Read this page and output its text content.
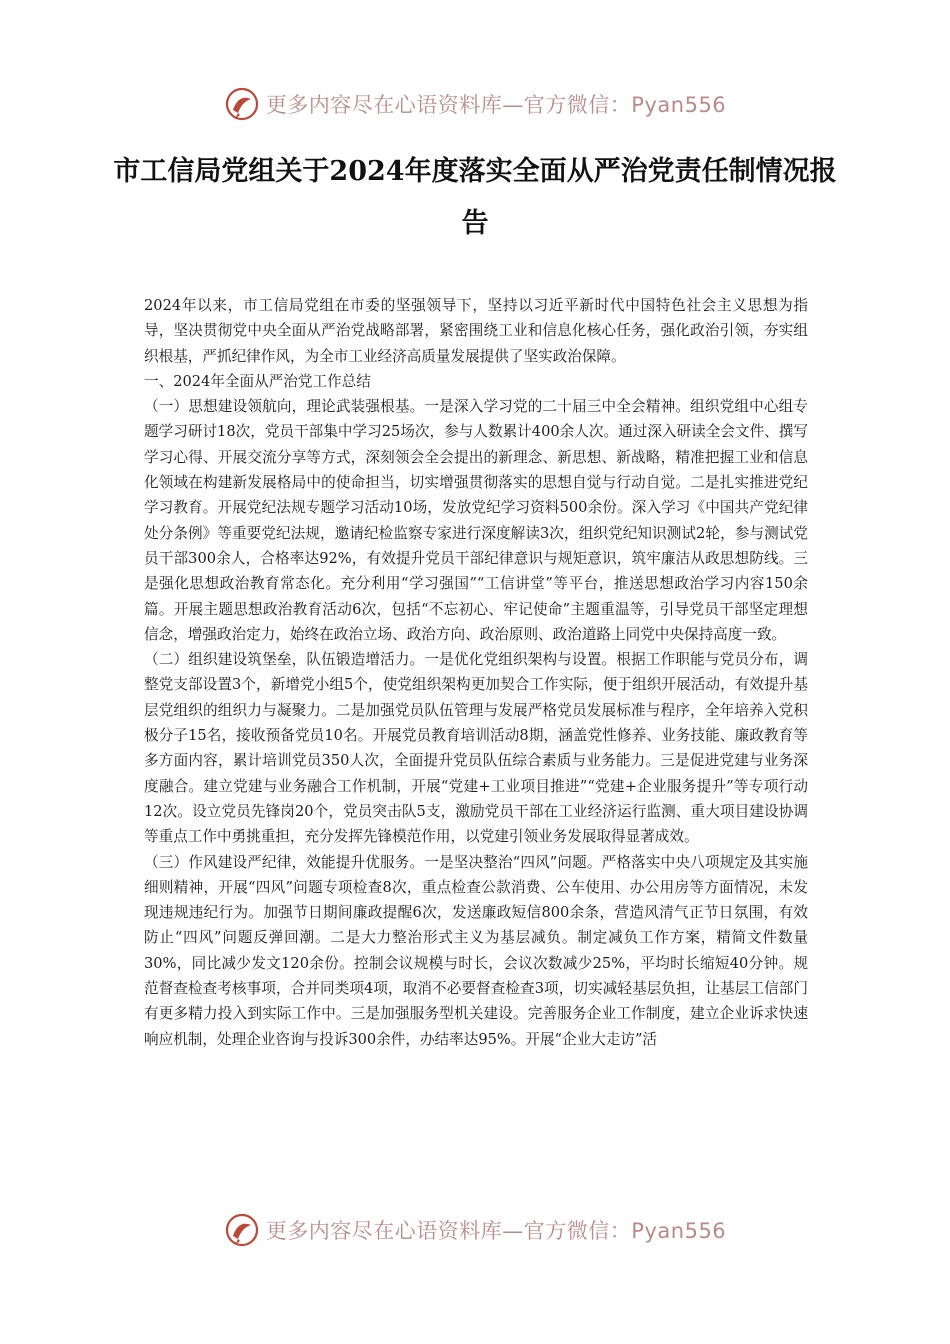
更多内容尽在心语资料库—官方微信：Pyan556
市工信局党组关于2024年度落实全面从严治党责任制情况报告

2024年以来，市工信局党组在市委的坚强领导下，坚持以习近平新时代中国特色社会主义思想为指导，坚决贯彻党中央全面从严治党战略部署，紧密围绕工业和信息化核心任务，强化政治引领，夯实组织根基，严抓纪律作风，为全市工业经济高质量发展提供了坚实政治保障。

一、2024年全面从严治党工作总结

（一）思想建设领航向，理论武装强根基。一是深入学习党的二十届三中全会精神。组织党组中心组专题学习研讨18次，党员干部集中学习25场次，参与人数累计400余人次。通过深入研读全会文件、撰写学习心得、开展交流分享等方式，深刻领会全会提出的新理念、新思想、新战略，精准把握工业和信息化领域在构建新发展格局中的使命担当，切实增强贯彻落实的思想自觉与行动自觉。二是扎实推进党纪学习教育。开展党纪法规专题学习活动10场，发放党纪学习资料500余份。深入学习《中国共产党纪律处分条例》等重要党纪法规，邀请纪检监察专家进行深度解读3次，组织党纪知识测试2轮，参与测试党员干部300余人，合格率达92%，有效提升党员干部纪律意识与规矩意识，筑牢廉洁从政思想防线。三是强化思想政治教育常态化。充分利用“学习强国”“工信讲堂”等平台，推送思想政治学习内容150余篇。开展主题思想政治教育活动6次，包括“不忘初心、牢记使命”主题重温等，引导党员干部坚定理想信念，增强政治定力，始终在政治立场、政治方向、政治原则、政治道路上同党中央保持高度一致。

（二）组织建设筑堡垒，队伍锻造增活力。一是优化党组织架构与设置。根据工作职能与党员分布，调整党支部设置3个，新增党小组5个，使党组织架构更加契合工作实际，便于组织开展活动，有效提升基层党组织的组织力与凝聚力。二是加强党员队伍管理与发展严格党员发展标准与程序，全年培养入党积极分子15名，接收预备党员10名。开展党员教育培训活动8期，涵盖党性修养、业务技能、廉政教育等多方面内容，累计培训党员350人次，全面提升党员队伍综合素质与业务能力。三是促进党建与业务深度融合。建立党建与业务融合工作机制，开展“党建+工业项目推进”“党建+企业服务提升”等专项行动12次。设立党员先锋岗20个，党员突击队5支，激励党员干部在工业经济运行监测、重大项目建设协调等重点工作中勇挑重担，充分发挥先锋模范作用，以党建引领业务发展取得显著成效。

（三）作风建设严纪律，效能提升优服务。一是坚决整治“四风”问题。严格落实中央八项规定及其实施细则精神，开展“四风”问题专项检查8次，重点检查公款消费、公车使用、办公用房等方面情况，未发现违规违纪行为。加强节日期间廉政提醒6次，发送廉政短信800余条，营造风清气正节日氛围，有效防止“四风”问题反弹回潮。二是大力整治形式主义为基层减负。制定减负工作方案，精简文件数量30%，同比减少发文120余份。控制会议规模与时长，会议次数减少25%，平均时长缩短40分钟。规范督查检查考核事项，合并同类项4项，取消不必要督查检查3项，切实减轻基层负担，让基层工信部门有更多精力投入到实际工作中。三是加强服务型机关建设。完善服务企业工作制度，建立企业诉求快速响应机制，处理企业咨询与投诉300余件，办结率达95%。开展“企业大走访”活

更多内容尽在心语资料库—官方微信：Pyan556
